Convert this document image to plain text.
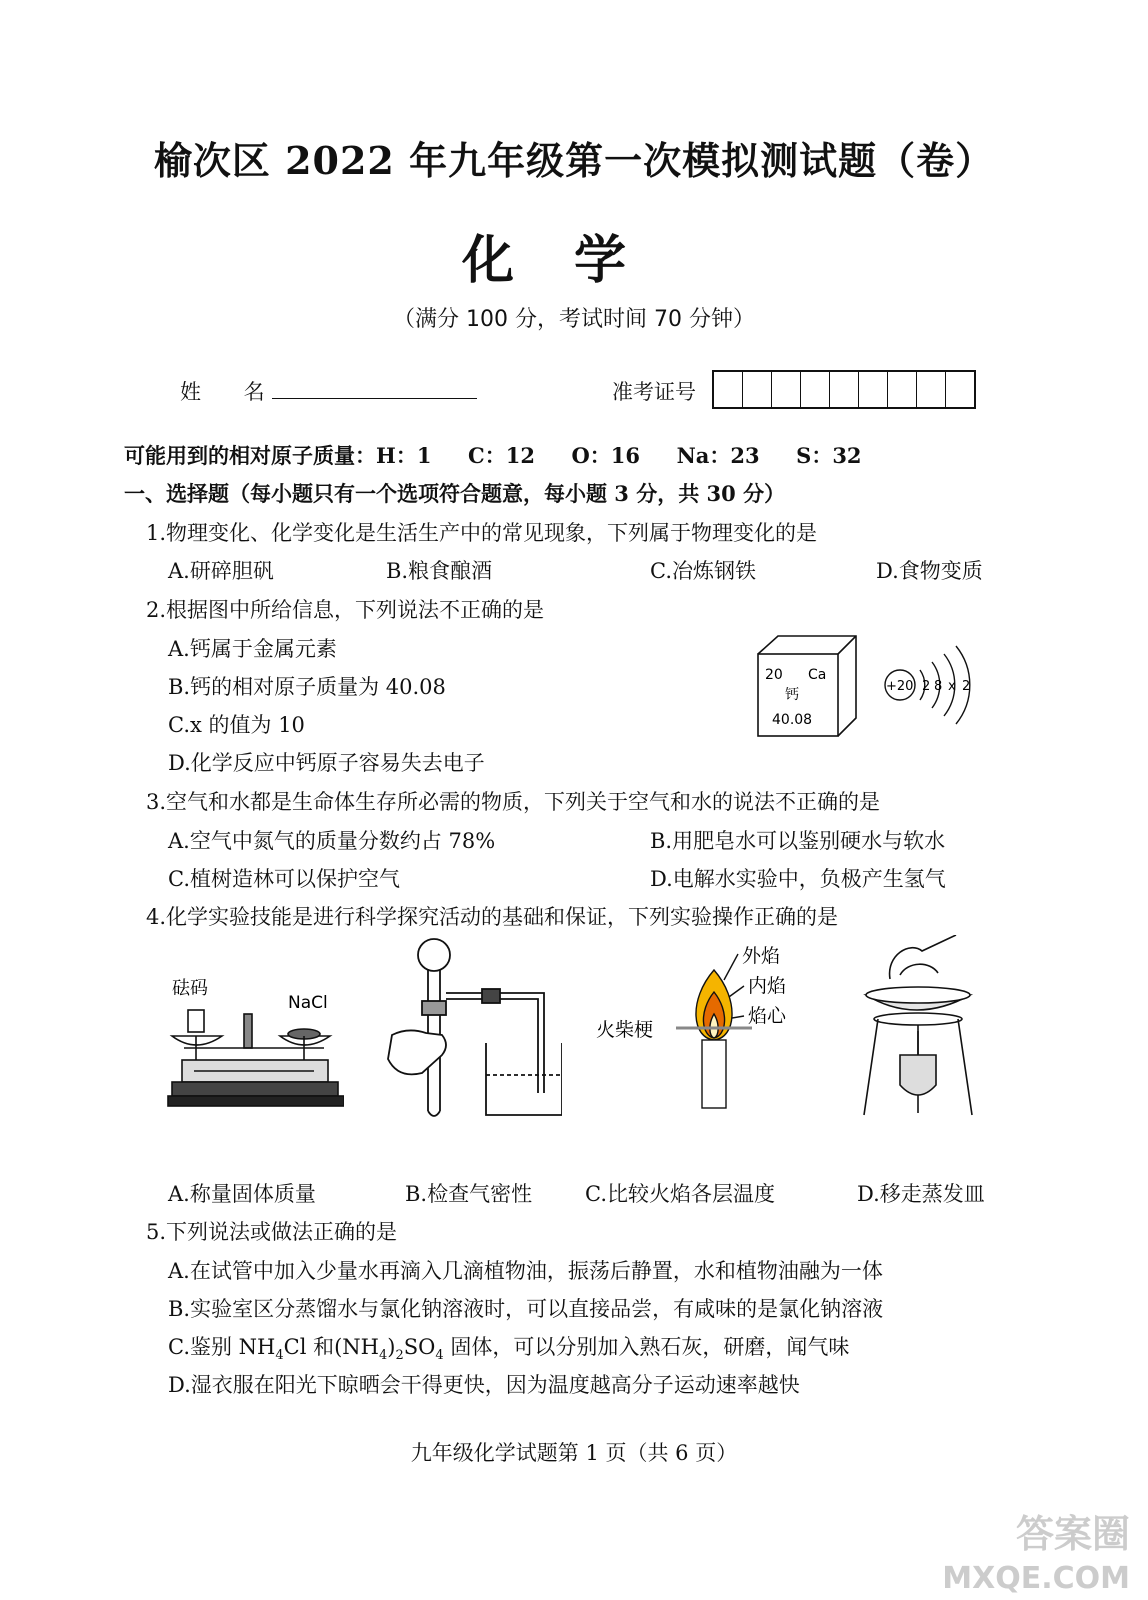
榆次区 2022 年九年级第一次模拟测试题（卷）
化学
（满分 100 分，考试时间 70 分钟）
姓 名	准考证号
可能用到的相对原子质量：H：1     C：12     O：16     Na：23     S：32
一、选择题（每小题只有一个选项符合题意，每小题 3 分，共 30 分）
1.物理变化、化学变化是生活生产中的常见现象，下列属于物理变化的是
A.研碎胆矾	B.粮食酿酒	C.冶炼钢铁	D.食物变质
2.根据图中所给信息，下列说法不正确的是
A.钙属于金属元素
B.钙的相对原子质量为 40.08
C.x 的值为 10
D.化学反应中钙原子容易失去电子
20 Ca
钙
40.08
+20 2 8 x 2
3.空气和水都是生命体生存所必需的物质，下列关于空气和水的说法不正确的是
A.空气中氮气的质量分数约占 78%	B.用肥皂水可以鉴别硬水与软水
C.植树造林可以保护空气	D.电解水实验中，负极产生氢气
4.化学实验技能是进行科学探究活动的基础和保证，下列实验操作正确的是
砝码
NaCl
外焰
内焰
焰心
火柴梗
A.称量固体质量	B.检查气密性	C.比较火焰各层温度	D.移走蒸发皿
5.下列说法或做法正确的是
A.在试管中加入少量水再滴入几滴植物油，振荡后静置，水和植物油融为一体
B.实验室区分蒸馏水与氯化钠溶液时，可以直接品尝，有咸味的是氯化钠溶液
C.鉴别 $NH_4Cl$ 和$(NH_4)_2SO_4$ 固体，可以分别加入熟石灰，研磨，闻气味
D.湿衣服在阳光下晾晒会干得更快，因为温度越高分子运动速率越快
九年级化学试题第 1 页（共 6 页）
答案圈
MXQE.COM
